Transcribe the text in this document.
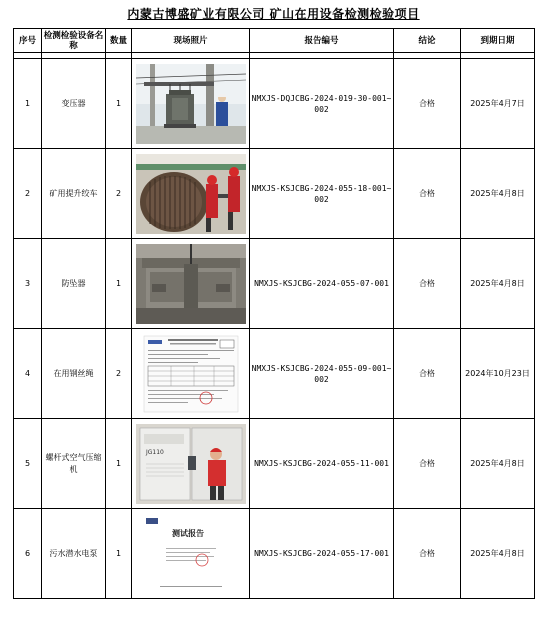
内蒙古博盛矿业有限公司 矿山在用设备检测检验项目
序号	检测检验设备名称	数量	现场照片	报告编号	结论	到期日期

1	变压器	1		NMXJS-DQJCBG-2024-019-30-001~002	合格	2025年4月7日
2	矿用提升绞车	2		NMXJS-KSJCBG-2024-055-18-001~002	合格	2025年4月8日
3	防坠器	1		NMXJS-KSJCBG-2024-055-07-001	合格	2025年4月8日
4	在用钢丝绳	2		NMXJS-KSJCBG-2024-055-09-001~002	合格	2024年10月23日
5	螺杆式空气压缩机	1	JG110	NMXJS-KSJCBG-2024-055-11-001	合格	2025年4月8日
6	污水潜水电泵	1	测试报告	NMXJS-KSJCBG-2024-055-17-001	合格	2025年4月8日
